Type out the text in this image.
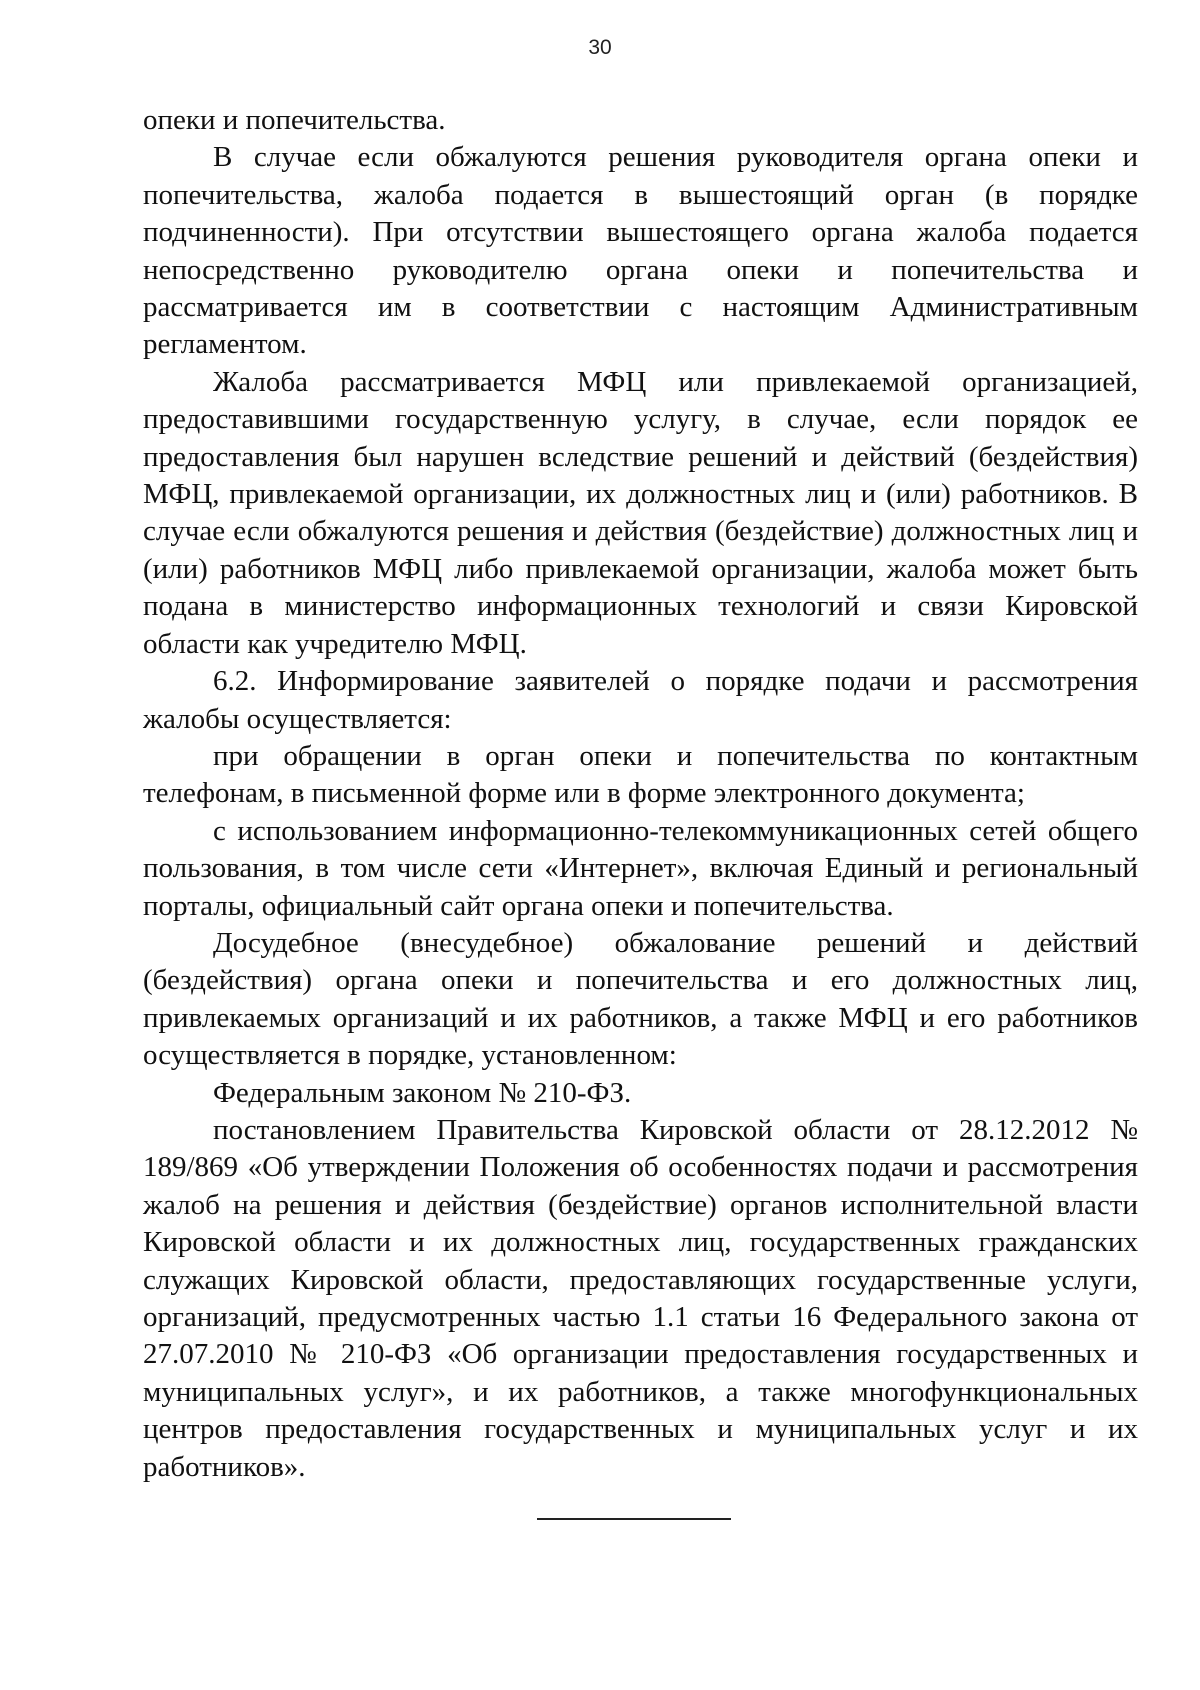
30

опеки и попечительства.

В случае если обжалуются решения руководителя органа опеки и попечительства, жалоба подается в вышестоящий орган (в порядке подчиненности). При отсутствии вышестоящего органа жалоба подается непосредственно руководителю органа опеки и попечительства и рассматривается им в соответствии с настоящим Административным регламентом.

Жалоба рассматривается МФЦ или привлекаемой организацией, предоставившими государственную услугу, в случае, если порядок ее предоставления был нарушен вследствие решений и действий (бездействия) МФЦ, привлекаемой организации, их должностных лиц и (или) работников. В случае если обжалуются решения и действия (бездействие) должностных лиц и (или) работников МФЦ либо привлекаемой организации, жалоба может быть подана в министерство информационных технологий и связи Кировской области как учредителю МФЦ.

6.2. Информирование заявителей о порядке подачи и рассмотрения жалобы осуществляется:

при обращении в орган опеки и попечительства по контактным телефонам, в письменной форме или в форме электронного документа;

с использованием информационно-телекоммуникационных сетей общего пользования, в том числе сети «Интернет», включая Единый и региональный порталы, официальный сайт органа опеки и попечительства.

Досудебное (внесудебное) обжалование решений и действий (бездействия) органа опеки и попечительства и его должностных лиц, привлекаемых организаций и их работников, а также МФЦ и его работников осуществляется в порядке, установленном:

Федеральным законом № 210-ФЗ.

постановлением Правительства Кировской области от 28.12.2012 № 189/869 «Об утверждении Положения об особенностях подачи и рассмотрения жалоб на решения и действия (бездействие) органов исполнительной власти Кировской области и их должностных лиц, государственных гражданских служащих Кировской области, предоставляющих государственные услуги, организаций, предусмотренных частью 1.1 статьи 16 Федерального закона от 27.07.2010 № 210-ФЗ «Об организации предоставления государственных и муниципальных услуг», и их работников, а также многофункциональных центров предоставления государственных и муниципальных услуг и их работников».
